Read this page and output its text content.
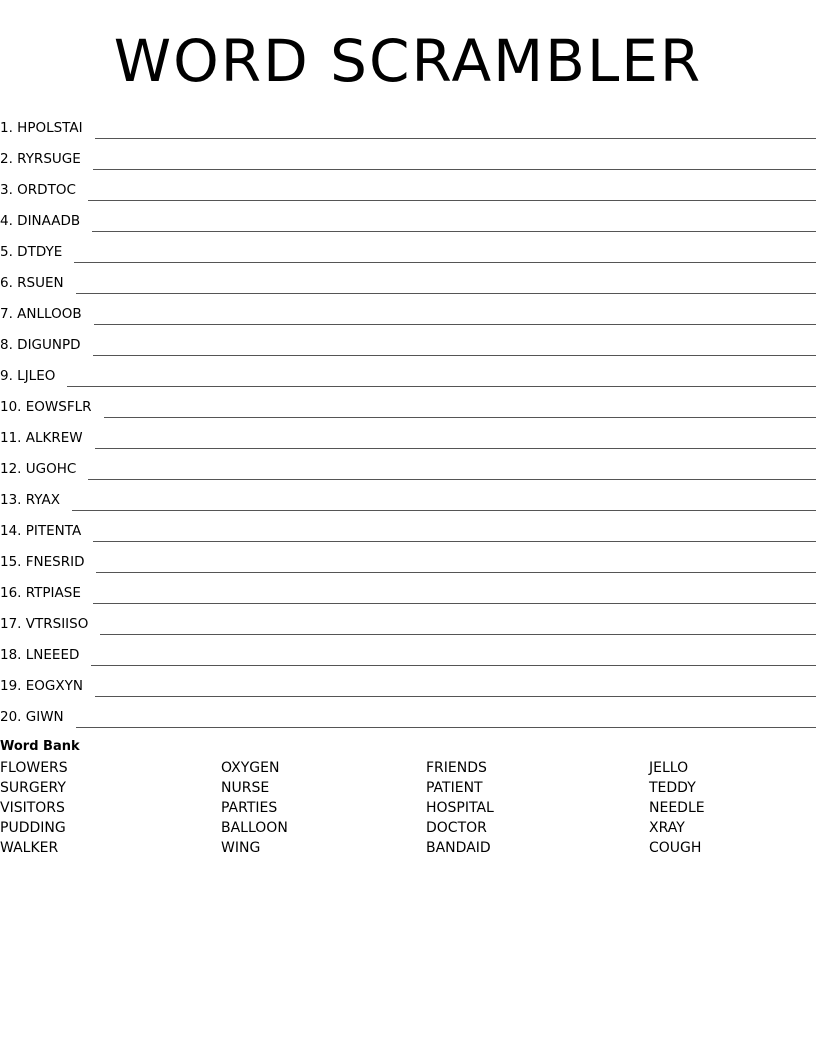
WORD SCRAMBLER
1. HPOLSTAI
2. RYRSUGE
3. ORDTOC
4. DINAADB
5. DTDYE
6. RSUEN
7. ANLLOOB
8. DIGUNPD
9. LJLEO
10. EOWSFLR
11. ALKREW
12. UGOHC
13. RYAX
14. PITENTA
15. FNESRID
16. RTPIASE
17. VTRSIISO
18. LNEEED
19. EOGXYN
20. GIWN
Word Bank
FLOWERS
SURGERY
VISITORS
PUDDING
WALKER
OXYGEN
NURSE
PARTIES
BALLOON
WING
FRIENDS
PATIENT
HOSPITAL
DOCTOR
BANDAID
JELLO
TEDDY
NEEDLE
XRAY
COUGH
